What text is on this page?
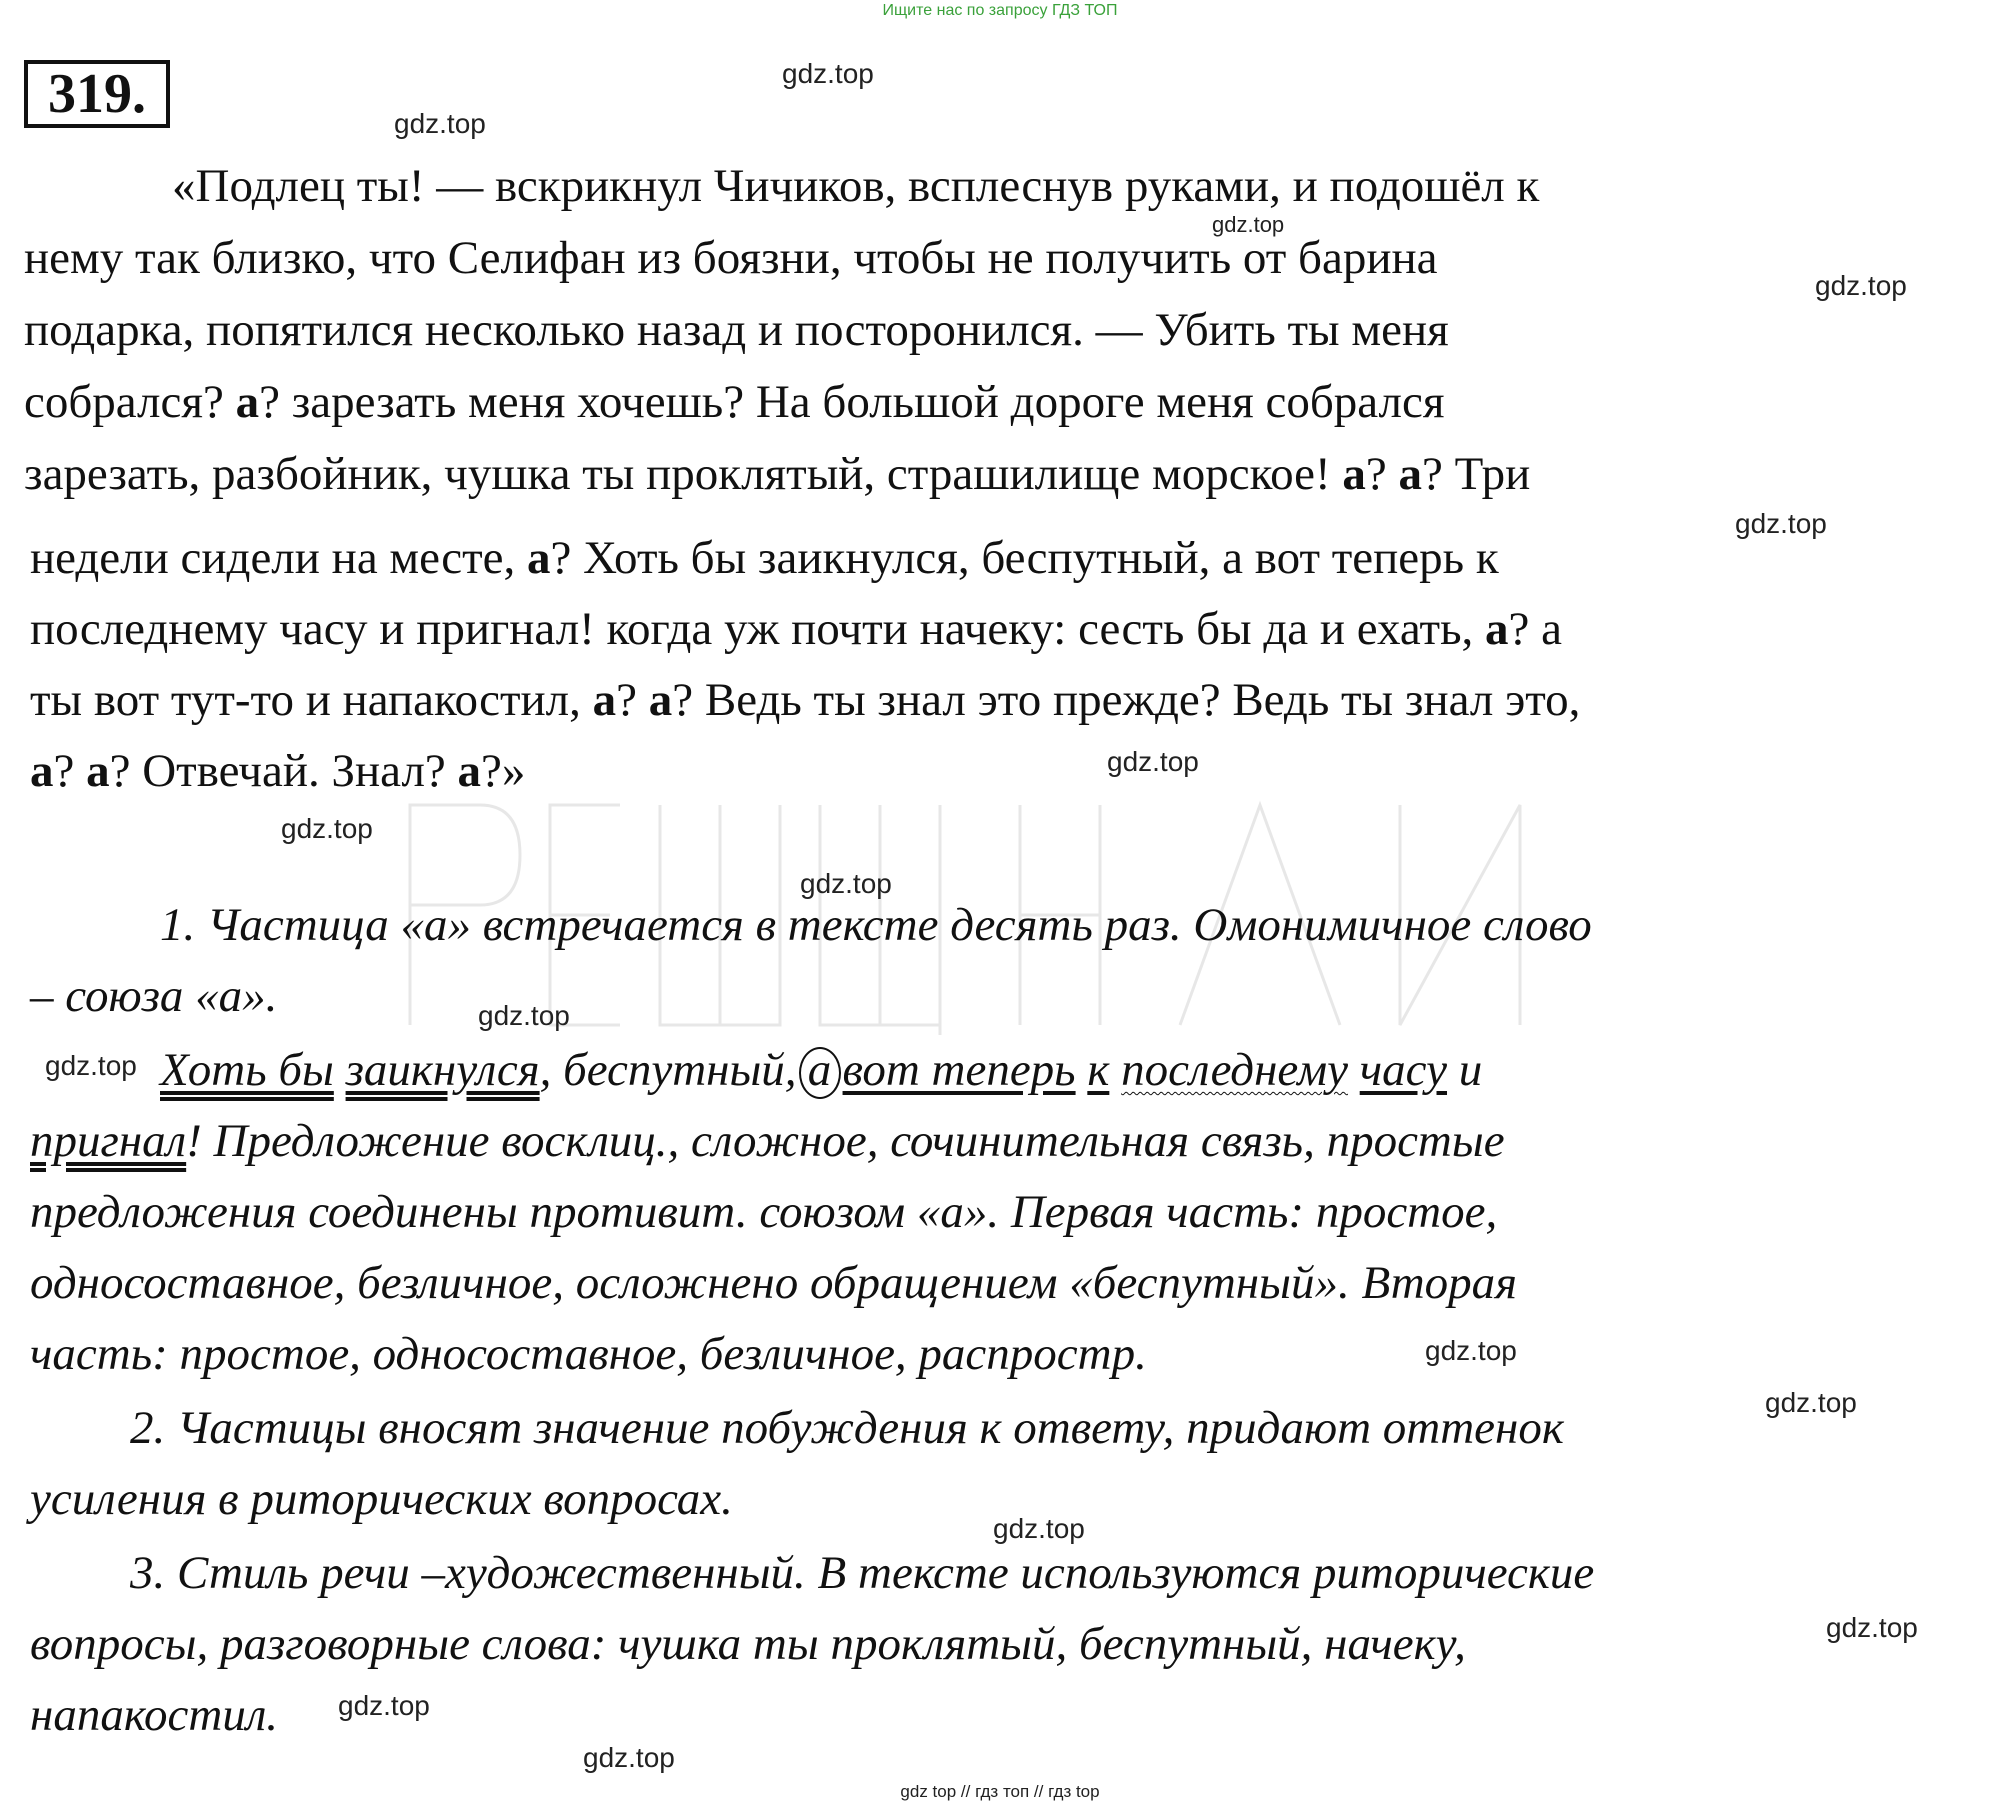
Ищите нас по запросу ГДЗ ТОП
319.
«Подлец ты! — вскрикнул Чичиков, всплеснув руками, и подошёл к
нему так близко, что Селифан из боязни, чтобы не получить от барина
подарка, попятился несколько назад и посторонился. — Убить ты меня
собрался? а? зарезать меня хочешь? На большой дороге меня собрался
зарезать, разбойник, чушка ты проклятый, страшилище морское! а? а? Три
недели сидели на месте, а? Хоть бы заикнулся, беспутный, а вот теперь к
последнему часу и пригнал! когда уж почти начеку: сесть бы да и ехать, а? а
ты вот тут-то и напакостил, а? а? Ведь ты знал это прежде? Ведь ты знал это,
а? а? Отвечай. Знал? а?»
1. Частица «а» встречается в тексте десять раз. Омонимичное слово
– союза «а».
Хоть бы заикнулся, беспутный, а вот теперь к последнему часу и
пригнал! Предложение восклиц., сложное, сочинительная связь, простые
предложения соединены противит. союзом «а». Первая часть: простое,
односоставное, безличное, осложнено обращением «беспутный». Вторая
часть: простое, односоставное, безличное, распростр.
2. Частицы вносят значение побуждения к ответу, придают оттенок
усиления в риторических вопросах.
3. Стиль речи –художественный. В тексте используются риторические
вопросы, разговорные слова: чушка ты проклятый, беспутный, начеку,
напакостил.
gdz.top
gdz.top
gdz.top
gdz.top
gdz.top
gdz.top
gdz.top
gdz.top
gdz.top
gdz.top
gdz.top
gdz.top
gdz.top
gdz.top
gdz.top
gdz.top
gdz top // гдз топ // гдз top
